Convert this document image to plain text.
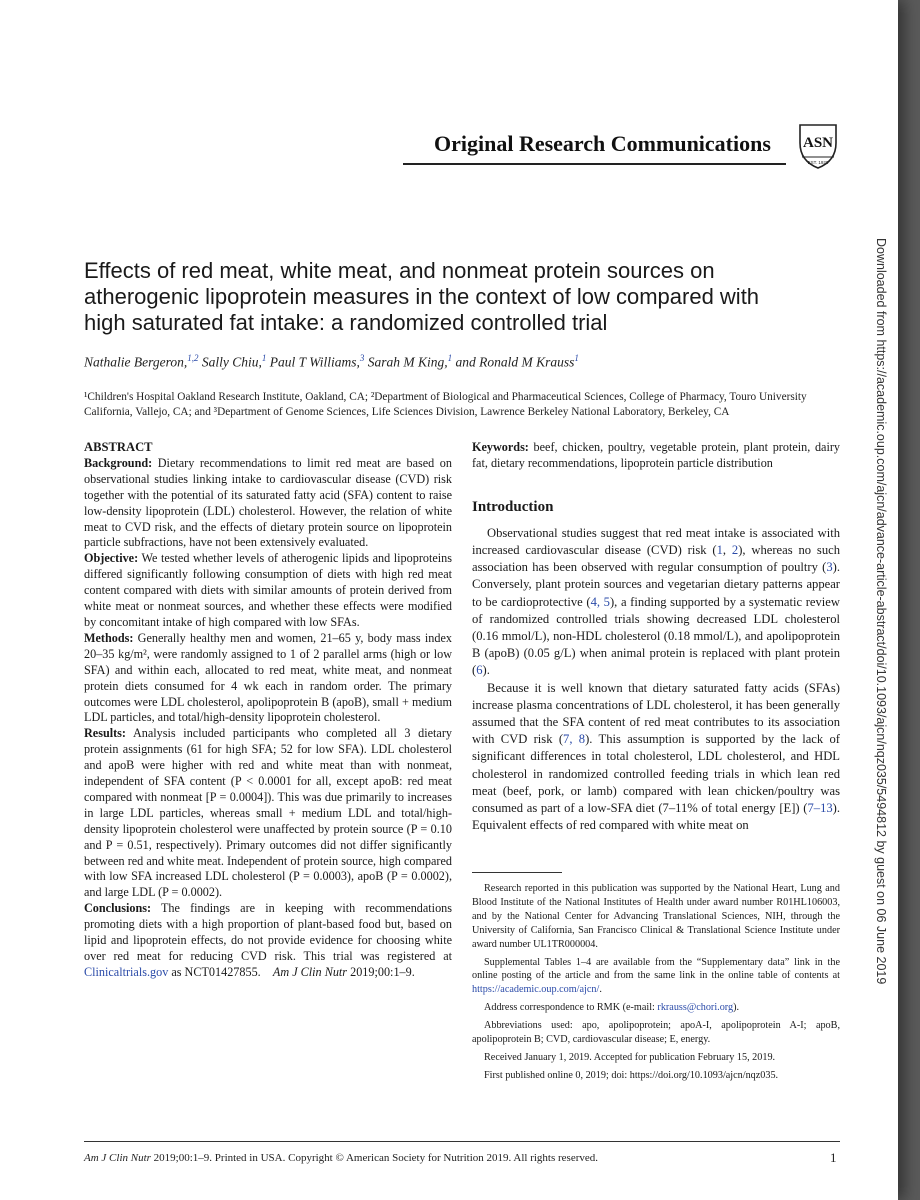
Original Research Communications ASN
EST. 1928
Effects of red meat, white meat, and nonmeat protein sources on atherogenic lipoprotein measures in the context of low compared with high saturated fat intake: a randomized controlled trial
Nathalie Bergeron,$^{1,2}$ Sally Chiu,$^1$ Paul T Williams,$^3$ Sarah M King,$^1$ and Ronald M Krauss$^1$
¹Children's Hospital Oakland Research Institute, Oakland, CA; ²Department of Biological and Pharmaceutical Sciences, College of Pharmacy, Touro University California, Vallejo, CA; and ³Department of Genome Sciences, Life Sciences Division, Lawrence Berkeley National Laboratory, Berkeley, CA
ABSTRACT

Background: Dietary recommendations to limit red meat are based on observational studies linking intake to cardiovascular disease (CVD) risk together with the potential of its saturated fatty acid (SFA) content to raise low-density lipoprotein (LDL) cholesterol. However, the relation of white meat to CVD risk, and the effects of dietary protein source on lipoprotein particle subfractions, have not been extensively evaluated.

Objective: We tested whether levels of atherogenic lipids and lipoproteins differed significantly following consumption of diets with high red meat content compared with diets with similar amounts of protein derived from white meat or nonmeat sources, and whether these effects were modified by concomitant intake of high compared with low SFAs.

Methods: Generally healthy men and women, 21–65 y, body mass index 20–35 kg/m², were randomly assigned to 1 of 2 parallel arms (high or low SFA) and within each, allocated to red meat, white meat, and nonmeat protein diets consumed for 4 wk each in random order. The primary outcomes were LDL cholesterol, apolipoprotein B (apoB), small + medium LDL particles, and total/high-density lipoprotein cholesterol.

Results: Analysis included participants who completed all 3 dietary protein assignments (61 for high SFA; 52 for low SFA). LDL cholesterol and apoB were higher with red and white meat than with nonmeat, independent of SFA content (P < 0.0001 for all, except apoB: red meat compared with nonmeat [P = 0.0004]). This was due primarily to increases in large LDL particles, whereas small + medium LDL and total/high-density lipoprotein cholesterol were unaffected by protein source (P = 0.10 and P = 0.51, respectively). Primary outcomes did not differ significantly between red and white meat. Independent of protein source, high compared with low SFA increased LDL cholesterol (P = 0.0003), apoB (P = 0.0002), and large LDL (P = 0.0002).

Conclusions: The findings are in keeping with recommendations promoting diets with a high proportion of plant-based food but, based on lipid and lipoprotein effects, do not provide evidence for choosing white over red meat for reducing CVD risk. This trial was registered at Clinicaltrials.gov as NCT01427855. Am J Clin Nutr 2019;00:1–9.

Keywords: beef, chicken, poultry, vegetable protein, plant protein, dairy fat, dietary recommendations, lipoprotein particle distribution

Introduction

Observational studies suggest that red meat intake is associated with increased cardiovascular disease (CVD) risk (1, 2), whereas no such association has been observed with regular consumption of poultry (3). Conversely, plant protein sources and vegetarian dietary patterns appear to be cardioprotective (4, 5), a finding supported by a systematic review of randomized controlled trials showing decreased LDL cholesterol (0.16 mmol/L), non-HDL cholesterol (0.18 mmol/L), and apolipoprotein B (apoB) (0.05 g/L) when animal protein is replaced with plant protein (6).

Because it is well known that dietary saturated fatty acids (SFAs) increase plasma concentrations of LDL cholesterol, it has been generally assumed that the SFA content of red meat contributes to its association with CVD risk (7, 8). This assumption is supported by the lack of significant differences in total cholesterol, LDL cholesterol, and HDL cholesterol in randomized controlled feeding trials in which lean red meat (beef, pork, or lamb) compared with lean chicken/poultry was consumed as part of a low-SFA diet (7–11% of total energy [E]) (7–13). Equivalent effects of red compared with white meat on

Research reported in this publication was supported by the National Heart, Lung and Blood Institute of the National Institutes of Health under award number R01HL106003, and by the National Center for Advancing Translational Sciences, NIH, through the University of California, San Francisco Clinical & Translational Science Institute under award number UL1TR000004.

Supplemental Tables 1–4 are available from the “Supplementary data” link in the online posting of the article and from the same link in the online table of contents at https://academic.oup.com/ajcn/.

Address correspondence to RMK (e-mail: rkrauss@chori.org).

Abbreviations used: apo, apolipoprotein; apoA-I, apolipoprotein A-I; apoB, apolipoprotein B; CVD, cardiovascular disease; E, energy.

Received January 1, 2019. Accepted for publication February 15, 2019.

First published online 0, 2019; doi: https://doi.org/10.1093/ajcn/nqz035.

Am J Clin Nutr 2019;00:1–9. Printed in USA. Copyright © American Society for Nutrition 2019. All rights reserved.	1
Downloaded from https://academic.oup.com/ajcn/advance-article-abstract/doi/10.1093/ajcn/nqz035/5494812 by guest on 06 June 2019
